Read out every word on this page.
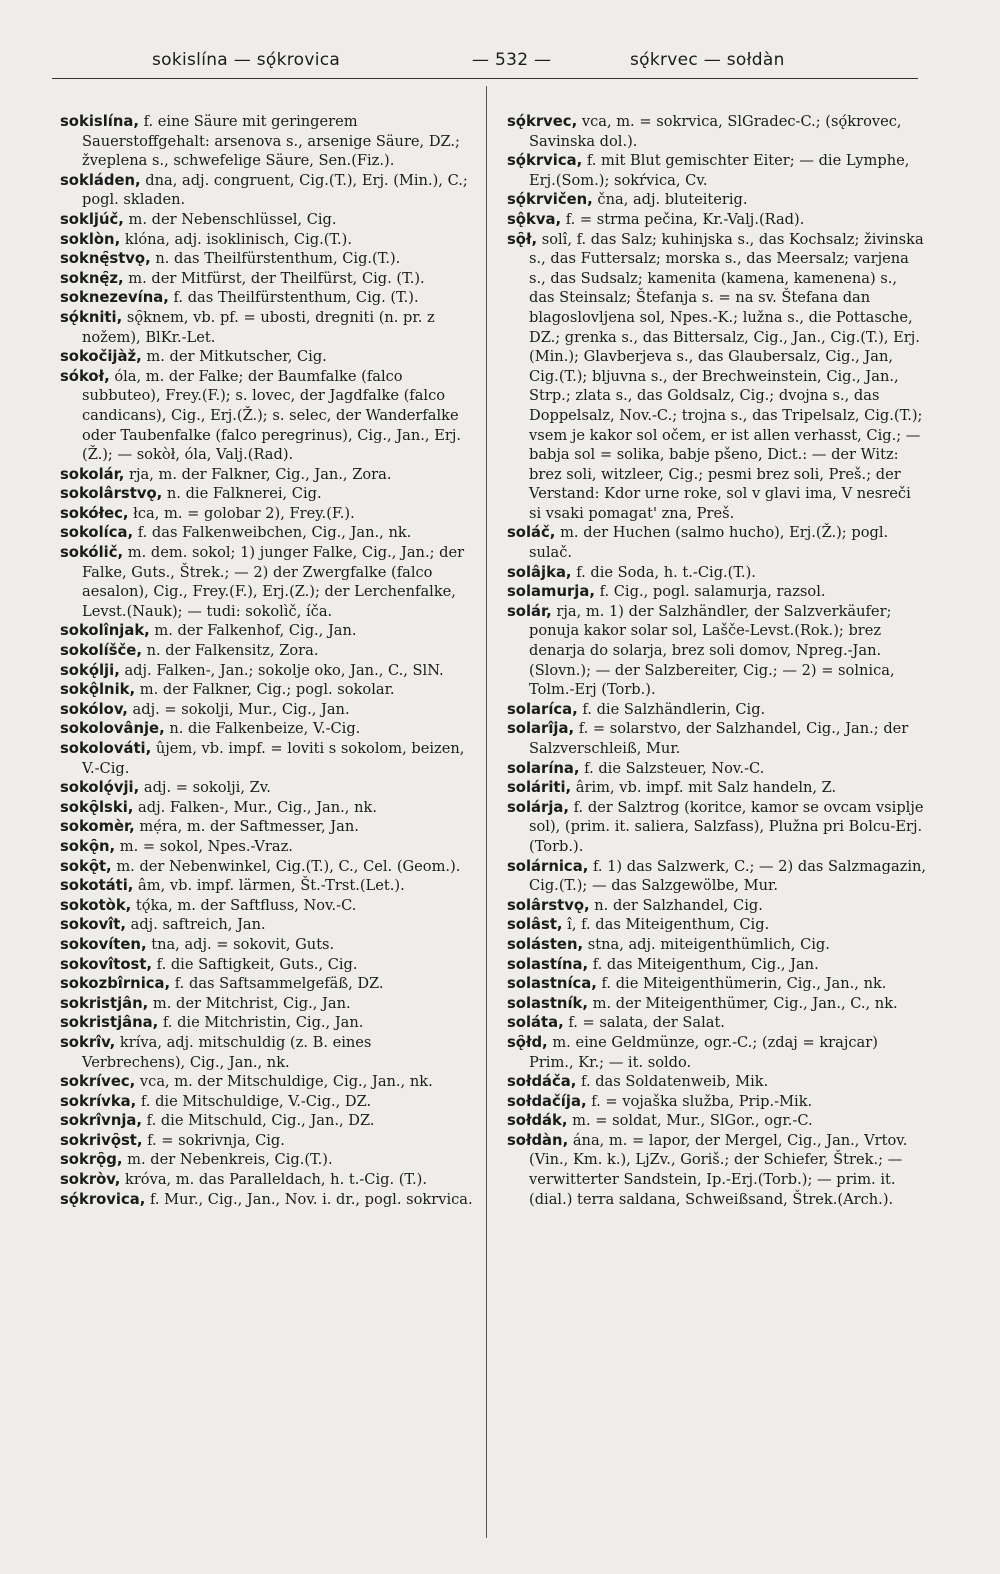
sokislína — sǫ́krovica	— 532 —	sǫ́krvec — sołdàn

sokislína, f. eine Säure mit geringerem Sauerstoffgehalt: arsenova s., arsenige Säure, DZ.; žveplena s., schwefelige Säure, Sen.(Fiz.).

sokláden, dna, adj. congruent, Cig.(T.), Erj. (Min.), C.; pogl. skladen.

sokljúč, m. der Nebenschlüssel, Cig.

soklòn, klóna, adj. isoklinisch, Cig.(T.).

soknę̑stvǫ, n. das Theilfürstenthum, Cig.(T.).

soknę̑z, m. der Mitfürst, der Theilfürst, Cig. (T.).

soknezevína, f. das Theilfürstenthum, Cig. (T.).

sǫ́kniti, sǫ̑knem, vb. pf. = ubosti, dregniti (n. pr. z nožem), BlKr.-Let.

sokočijàž, m. der Mitkutscher, Cig.

sókoł, óla, m. der Falke; der Baumfalke (falco subbuteo), Frey.(F.); s. lovec, der Jagdfalke (falco candicans), Cig., Erj.(Ž.); s. selec, der Wanderfalke oder Taubenfalke (falco peregrinus), Cig., Jan., Erj.(Ž.); — sokòł, óla, Valj.(Rad).

sokolár, rja, m. der Falkner, Cig., Jan., Zora.

sokolârstvǫ, n. die Falknerei, Cig.

sokółec, łca, m. = golobar 2), Frey.(F.).

sokolíca, f. das Falkenweibchen, Cig., Jan., nk.

sokólič, m. dem. sokol; 1) junger Falke, Cig., Jan.; der Falke, Guts., Štrek.; — 2) der Zwergfalke (falco aesalon), Cig., Frey.(F.), Erj.(Z.); der Lerchenfalke, Levst.(Nauk); — tudi: sokolìč, íča.

sokolînjak, m. der Falkenhof, Cig., Jan.

sokolíšče, n. der Falkensitz, Zora.

sokǫ́lji, adj. Falken-, Jan.; sokolje oko, Jan., C., SlN.

sokǫ̂lnik, m. der Falkner, Cig.; pogl. sokolar.

sokólov, adj. = sokolji, Mur., Cig., Jan.

sokolovânje, n. die Falkenbeize, V.-Cig.

sokolováti, ûjem, vb. impf. = loviti s sokolom, beizen, V.-Cig.

sokolǫ́vji, adj. = sokolji, Zv.

sokǫ̑lski, adj. Falken-, Mur., Cig., Jan., nk.

sokomèr, mẹ́ra, m. der Saftmesser, Jan.

sokǫ̑n, m. = sokol, Npes.-Vraz.

sokǫ̑t, m. der Nebenwinkel, Cig.(T.), C., Cel. (Geom.).

sokotáti, âm, vb. impf. lärmen, Št.-Trst.(Let.).

sokotòk, tǫ́ka, m. der Saftfluss, Nov.-C.

sokovît, adj. saftreich, Jan.

sokovíten, tna, adj. = sokovit, Guts.

sokovîtost, f. die Saftigkeit, Guts., Cig.

sokozbîrnica, f. das Saftsammelgefäß, DZ.

sokristjân, m. der Mitchrist, Cig., Jan.

sokristjâna, f. die Mitchristin, Cig., Jan.

sokrîv, kríva, adj. mitschuldig (z. B. eines Verbrechens), Cig., Jan., nk.

sokrívec, vca, m. der Mitschuldige, Cig., Jan., nk.

sokrívka, f. die Mitschuldige, V.-Cig., DZ.

sokrîvnja, f. die Mitschuld, Cig., Jan., DZ.

sokrivǫ̑st, f. = sokrivnja, Cig.

sokrǫ̑g, m. der Nebenkreis, Cig.(T.).

sokròv, króva, m. das Paralleldach, h. t.-Cig. (T.).

sǫ́krovica, f. Mur., Cig., Jan., Nov. i. dr., pogl. sokrvica.

sǫ́krvec, vca, m. = sokrvica, SlGradec-C.; (sǫ́krovec, Savinska dol.).

sǫ́krvica, f. mit Blut gemischter Eiter; — die Lymphe, Erj.(Som.); sokŕvica, Cv.

sǫ́krvičen, čna, adj. bluteiterig.

sǫ̂kva, f. = strma pečina, Kr.-Valj.(Rad).

sǫ̑ł, solî, f. das Salz; kuhinjska s., das Kochsalz; živinska s., das Futtersalz; morska s., das Meersalz; varjena s., das Sudsalz; kamenita (kamena, kamenena) s., das Steinsalz; Štefanja s. = na sv. Štefana dan blagoslovljena sol, Npes.-K.; lužna s., die Pottasche, DZ.; grenka s., das Bittersalz, Cig., Jan., Cig.(T.), Erj.(Min.); Glavberjeva s., das Glaubersalz, Cig., Jan, Cig.(T.); bljuvna s., der Brechweinstein, Cig., Jan., Strp.; zlata s., das Goldsalz, Cig.; dvojna s., das Doppelsalz, Nov.-C.; trojna s., das Tripelsalz, Cig.(T.); vsem je kakor sol očem, er ist allen verhasst, Cig.; — babja sol = solika, babje pšeno, Dict.: — der Witz: brez soli, witzleer, Cig.; pesmi brez soli, Preš.; der Verstand: Kdor urne roke, sol v glavi ima, V nesreči si vsaki pomagat' zna, Preš.

soláč, m. der Huchen (salmo hucho), Erj.(Ž.); pogl. sulač.

solâjka, f. die Soda, h. t.-Cig.(T.).

solamurja, f. Cig., pogl. salamurja, razsol.

solár, rja, m. 1) der Salzhändler, der Salzverkäufer; ponuja kakor solar sol, Lašče-Levst.(Rok.); brez denarja do solarja, brez soli domov, Npreg.-Jan.(Slovn.); — der Salzbereiter, Cig.; — 2) = solnica, Tolm.-Erj (Torb.).

solaríca, f. die Salzhändlerin, Cig.

solarîja, f. = solarstvo, der Salzhandel, Cig., Jan.; der Salzverschleiß, Mur.

solarína, f. die Salzsteuer, Nov.-C.

soláriti, ârim, vb. impf. mit Salz handeln, Z.

solárja, f. der Salztrog (koritce, kamor se ovcam vsiplje sol), (prim. it. saliera, Salzfass), Plužna pri Bolcu-Erj.(Torb.).

solárnica, f. 1) das Salzwerk, C.; — 2) das Salzmagazin, Cig.(T.); — das Salzgewölbe, Mur.

solârstvǫ, n. der Salzhandel, Cig.

solâst, î, f. das Miteigenthum, Cig.

solásten, stna, adj. miteigenthümlich, Cig.

solastína, f. das Miteigenthum, Cig., Jan.

solastníca, f. die Miteigenthümerin, Cig., Jan., nk.

solastník, m. der Miteigenthümer, Cig., Jan., C., nk.

soláta, f. = salata, der Salat.

sǫ̑łd, m. eine Geldmünze, ogr.-C.; (zdaj = krajcar) Prim., Kr.; — it. soldo.

sołdáča, f. das Soldatenweib, Mik.

sołdačíja, f. = vojaška služba, Prip.-Mik.

sołdák, m. = soldat, Mur., SlGor., ogr.-C.

sołdàn, ána, m. = lapor, der Mergel, Cig., Jan., Vrtov.(Vin., Km. k.), LjZv., Goriš.; der Schiefer, Štrek.; — verwitterter Sandstein, Ip.-Erj.(Torb.); — prim. it. (dial.) terra saldana, Schweißsand, Štrek.(Arch.).
